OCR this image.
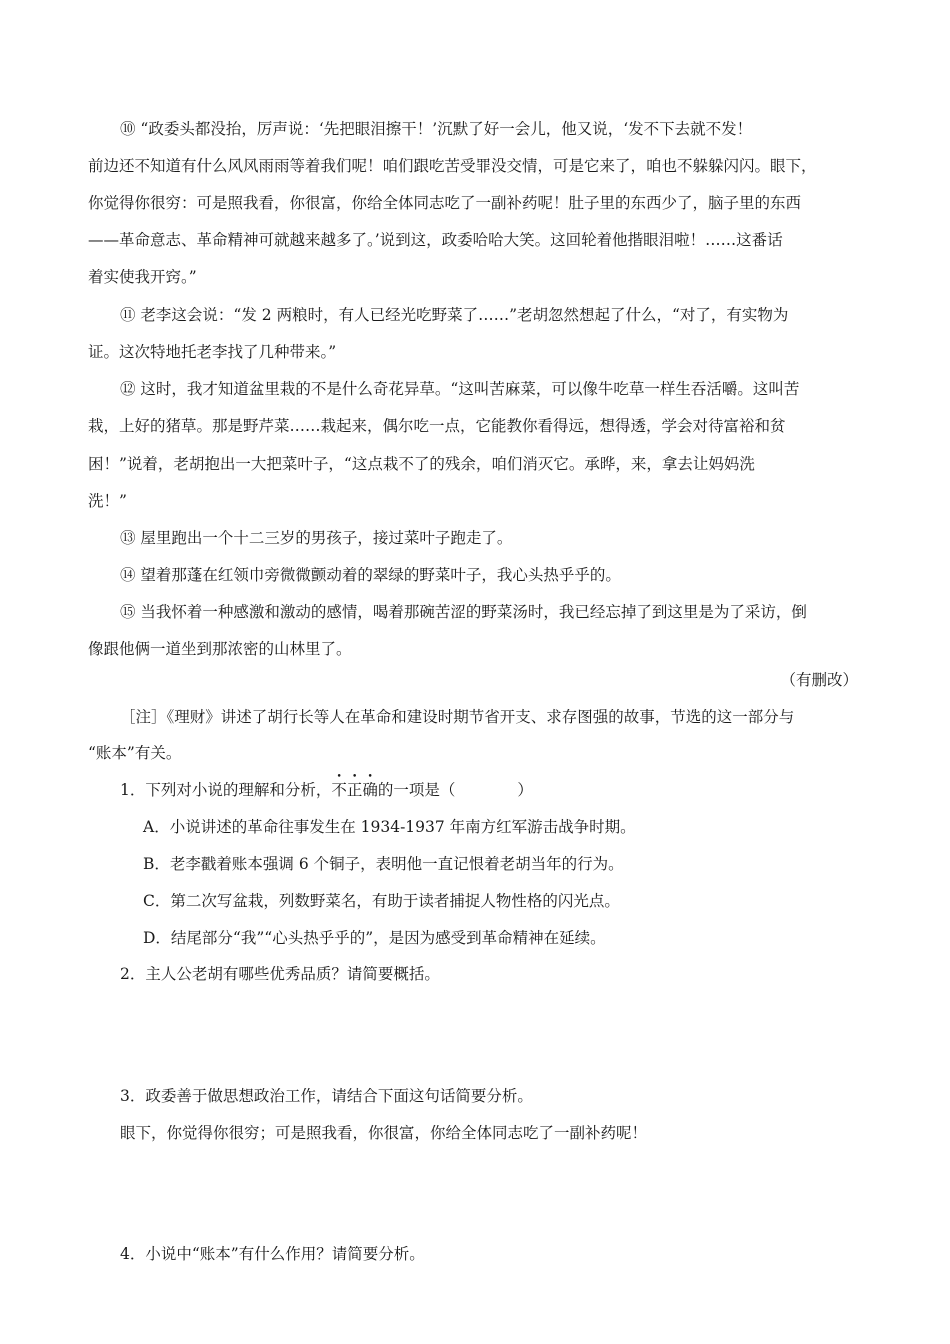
⑩ “政委头都没抬，厉声说：‘先把眼泪擦干！’沉默了好一会儿，他又说，‘发不下去就不发！
前边还不知道有什么风风雨雨等着我们呢！咱们跟吃苦受罪没交情，可是它来了，咱也不躲躲闪闪。眼下，
你觉得你很穷：可是照我看，你很富，你给全体同志吃了一副补药呢！肚子里的东西少了，脑子里的东西
——革命意志、革命精神可就越来越多了。’说到这，政委哈哈大笑。这回轮着他揩眼泪啦！……这番话
着实使我开窍。”
⑪ 老李这会说：“发 2 两粮时，有人已经光吃野菜了……”老胡忽然想起了什么，“对了，有实物为
证。这次特地托老李找了几种带来。”
⑫ 这时，我才知道盆里栽的不是什么奇花异草。“这叫苦麻菜，可以像牛吃草一样生吞活嚼。这叫苦
栽，上好的猪草。那是野芹菜……栽起来，偶尔吃一点，它能教你看得远，想得透，学会对待富裕和贫
困！”说着，老胡抱出一大把菜叶子，“这点栽不了的残余，咱们消灭它。承晔，来，拿去让妈妈洗
洗！”
⑬ 屋里跑出一个十二三岁的男孩子，接过菜叶子跑走了。
⑭ 望着那蓬在红领巾旁微微颤动着的翠绿的野菜叶子，我心头热乎乎的。
⑮ 当我怀着一种感激和激动的感情，喝着那碗苦涩的野菜汤时，我已经忘掉了到这里是为了采访，倒
像跟他俩一道坐到那浓密的山林里了。
（有删改）
［注］《理财》讲述了胡行长等人在革命和建设时期节省开支、求存图强的故事，节选的这一部分与
“账本”有关。
1．下列对小说的理解和分析，
•
不
•
正
•
确的一项是（　　　　）
A．小说讲述的革命往事发生在 1934-1937 年南方红军游击战争时期。
B．老李戳着账本强调 6 个铜子，表明他一直记恨着老胡当年的行为。
C．第二次写盆栽，列数野菜名，有助于读者捕捉人物性格的闪光点。
D．结尾部分“我”“心头热乎乎的”，是因为感受到革命精神在延续。
2．主人公老胡有哪些优秀品质？请简要概括。
3．政委善于做思想政治工作，请结合下面这句话简要分析。
眼下，你觉得你很穷；可是照我看，你很富，你给全体同志吃了一副补药呢！
4．小说中“账本”有什么作用？请简要分析。
